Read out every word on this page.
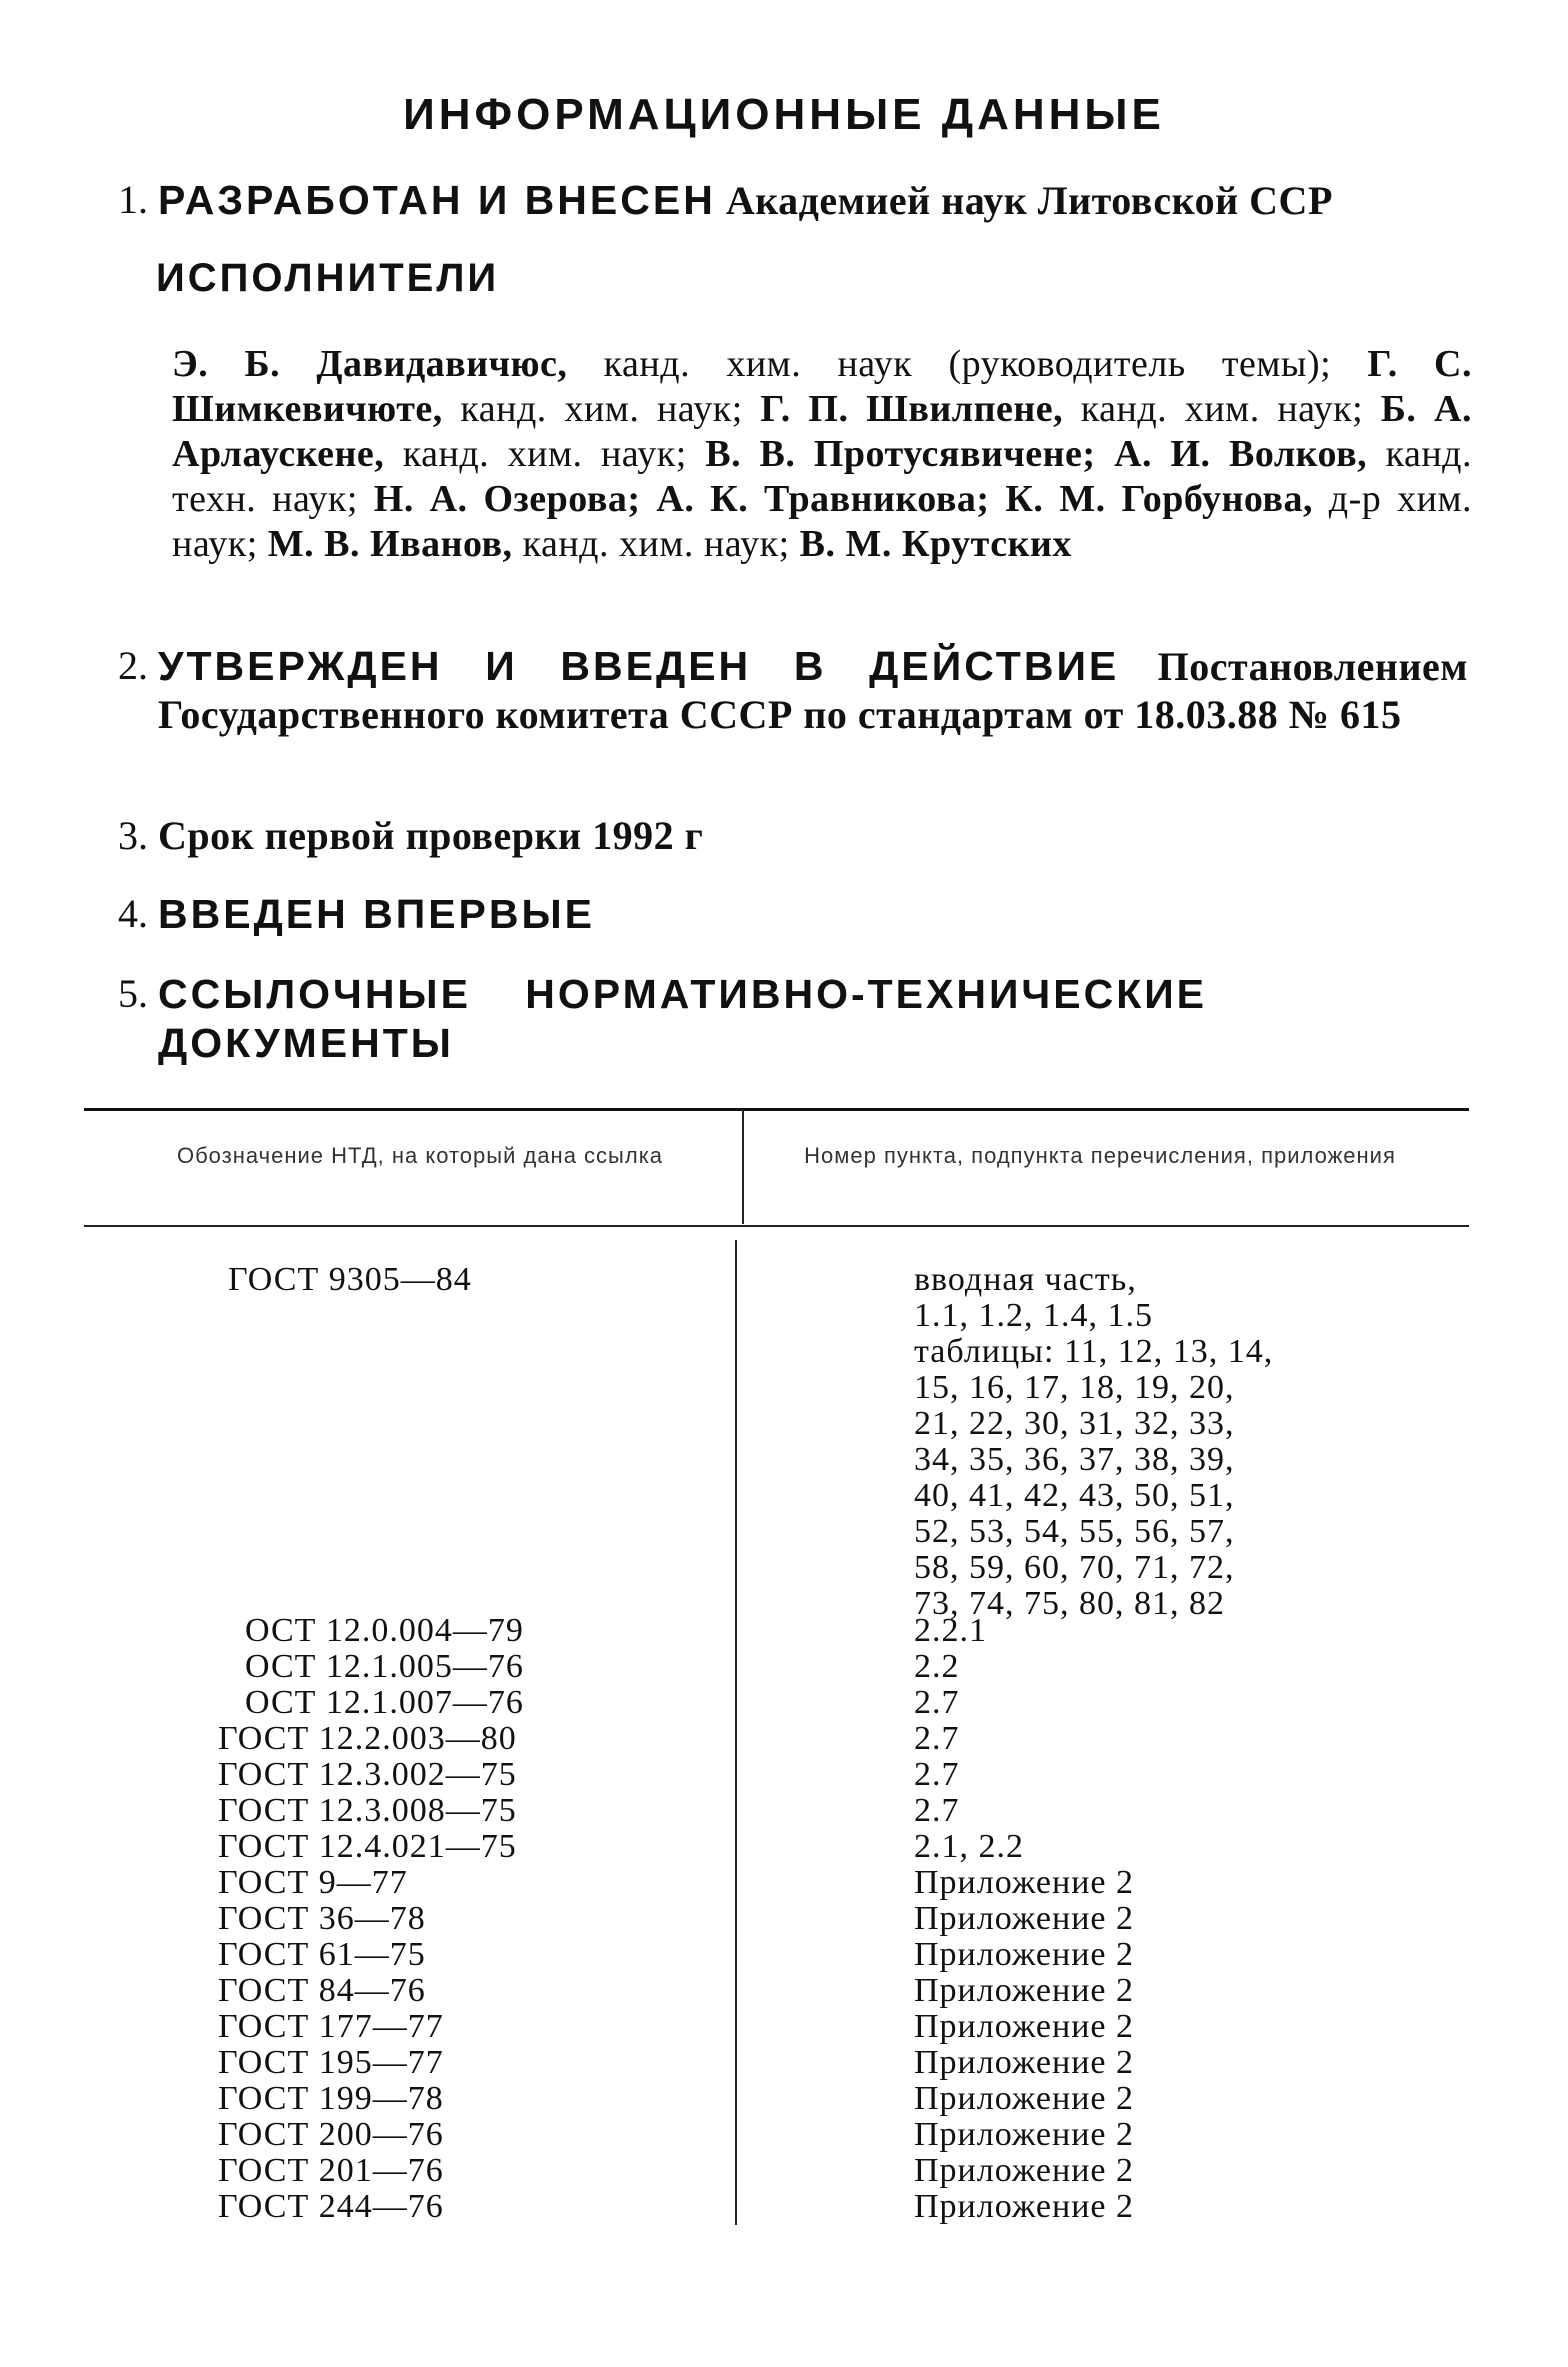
ИНФОРМАЦИОННЫЕ ДАННЫЕ
1. РАЗРАБОТАН И ВНЕСЕН Академией наук Литовской ССР
ИСПОЛНИТЕЛИ
Э. Б. Давидавичюс, канд. хим. наук (руководитель темы); Г. С. Шимкевичюте, канд. хим. наук; Г. П. Швилпене, канд. хим. наук; Б. А. Арлаускене, канд. хим. наук; В. В. Протусявичене; А. И. Волков, канд. техн. наук; Н. А. Озерова; А. К. Травникова; К. М. Горбунова, д-р хим. наук; М. В. Иванов, канд. хим. наук; В. М. Крутских
2. УТВЕРЖДЕН И ВВЕДЕН В ДЕЙСТВИЕ Постановлением Государственного комитета СССР по стандартам от 18.03.88 № 615
3. Срок первой проверки 1992 г
4. ВВЕДЕН ВПЕРВЫЕ
5. ССЫЛОЧНЫЕ НОРМАТИВНО-ТЕХНИЧЕСКИЕ ДОКУМЕНТЫ
Обозначение НТД, на который дана ссылка	Номер пункта, подпункта перечисления, приложения
ГОСТ 9305—84	вводная часть,
1.1, 1.2, 1.4, 1.5
таблицы: 11, 12, 13, 14,
15, 16, 17, 18, 19, 20,
21, 22, 30, 31, 32, 33,
34, 35, 36, 37, 38, 39,
40, 41, 42, 43, 50, 51,
52, 53, 54, 55, 56, 57,
58, 59, 60, 70, 71, 72,
73, 74, 75, 80, 81, 82
ОСТ 12.0.004—79	2.2.1
ОСТ 12.1.005—76	2.2
ОСТ 12.1.007—76	2.7
ГОСТ 12.2.003—80	2.7
ГОСТ 12.3.002—75	2.7
ГОСТ 12.3.008—75	2.7
ГОСТ 12.4.021—75	2.1, 2.2
ГОСТ 9—77	Приложение 2
ГОСТ 36—78	Приложение 2
ГОСТ 61—75	Приложение 2
ГОСТ 84—76	Приложение 2
ГОСТ 177—77	Приложение 2
ГОСТ 195—77	Приложение 2
ГОСТ 199—78	Приложение 2
ГОСТ 200—76	Приложение 2
ГОСТ 201—76	Приложение 2
ГОСТ 244—76	Приложение 2
